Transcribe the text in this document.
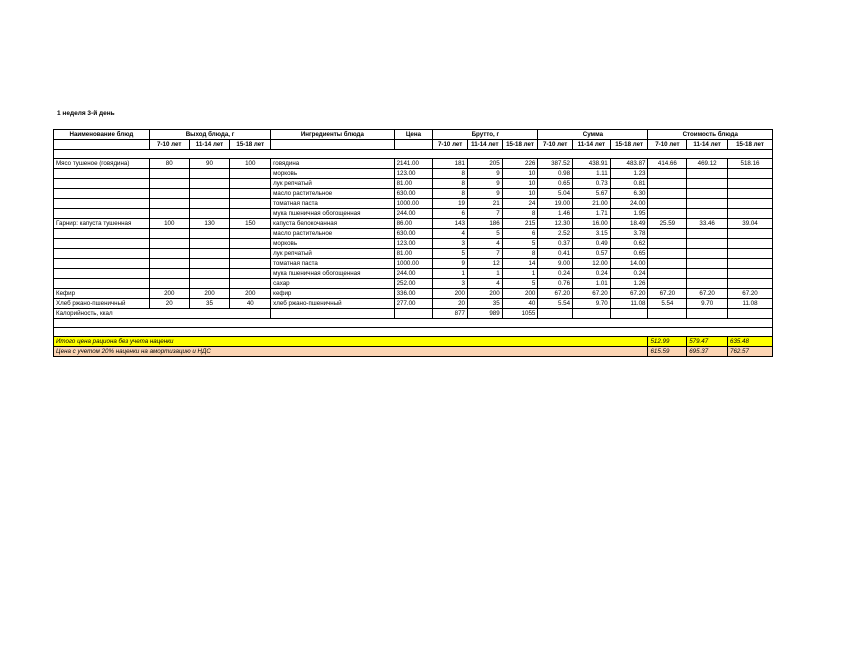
1 неделя 3-й день
Наименование блюд	Выход блюда, г			Ингредиенты блюда	Цена	Брутто, г			Сумма			Стоимость блюда		
	7-10 лет	11-14 лет	15-18 лет			7-10 лет	11-14 лет	15-18 лет	7-10 лет	11-14 лет	15-18 лет	7-10 лет	11-14 лет	15-18 лет

Мясо тушеное (говядина)	80	90	100	говядина	2141.00	181	205	226	387.52	438.91	483.87	414.66	469.12	518.16
				морковь	123.00	8	9	10	0.98	1.11	1.23			
				лук репчатый	81.00	8	9	10	0.65	0.73	0.81			
				масло растительное	630.00	8	9	10	5.04	5.67	6.30			
				томатная паста	1000.00	19	21	24	19.00	21.00	24.00			
				мука пшеничная обогощенная	244.00	6	7	8	1.46	1.71	1.95			
Гарнир: капуста тушенная	100	130	150	капуста белокочанная	86.00	143	186	215	12.30	16.00	18.49	25.59	33.46	39.04
				масло растительное	630.00	4	5	6	2.52	3.15	3.78			
				морковь	123.00	3	4	5	0.37	0.49	0.62			
				лук репчатый	81.00	5	7	8	0.41	0.57	0.65			
				томатная паста	1000.00	9	12	14	9.00	12.00	14.00			
				мука пшеничная обогощенная	244.00	1	1	1	0.24	0.24	0.24			
				сахар	252.00	3	4	5	0.76	1.01	1.26			
Кефир	200	200	200	кефир	336.00	200	200	200	67.20	67.20	67.20	67.20	67.20	67.20
Хлеб ржано-пшеничный	20	35	40	хлеб ржано-пшеничный	277.00	20	35	40	5.54	9.70	11.08	5.54	9.70	11.08
Калорийность, ккал						877	989	1055						

Итого цена рациона без учета наценки												512.99	579.47	635.48
Цена с учетом 20% наценки на амортизацию и НДС												615.59	695.37	762.57
